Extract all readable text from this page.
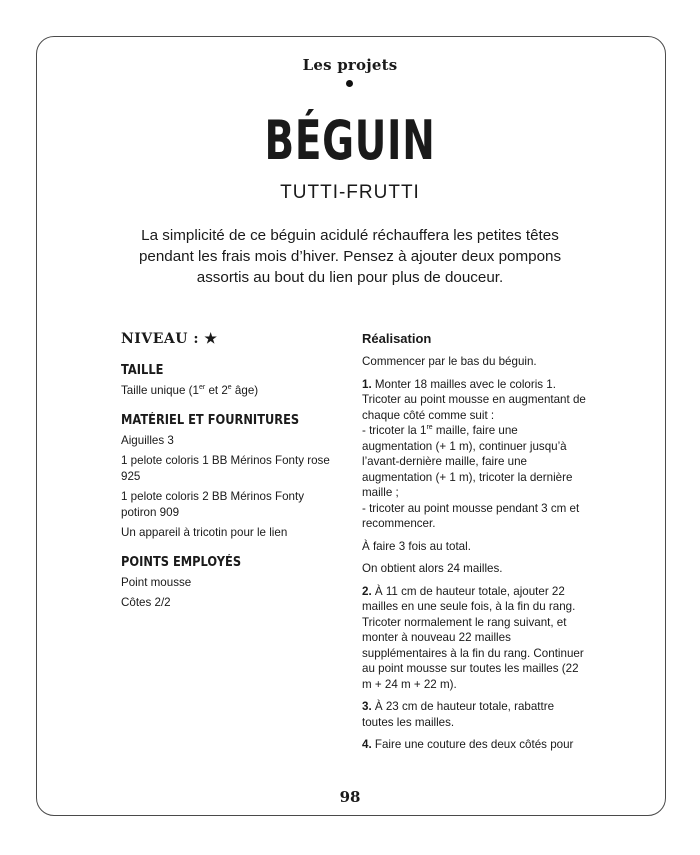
Les projets
BÉGUIN
TUTTI-FRUTTI
La simplicité de ce béguin acidulé réchauffera les petites têtes pendant les frais mois d’hiver. Pensez à ajouter deux pompons assortis au bout du lien pour plus de douceur.
NIVEAU : ★
TAILLE
Taille unique (1er et 2e âge)
MATÉRIEL ET FOURNITURES

Aiguilles 3

1 pelote coloris 1 BB Mérinos Fonty rose 925

1 pelote coloris 2 BB Mérinos Fonty potiron 909

Un appareil à tricotin pour le lien

POINTS EMPLOYÉS

Point mousse

Côtes 2/2

Réalisation

Commencer par le bas du béguin.

1. Monter 18 mailles avec le coloris 1. Tricoter au point mousse en augmentant de chaque côté comme suit :
- tricoter la 1re maille, faire une augmentation (+ 1 m), continuer jusqu’à l’avant-dernière maille, faire une augmentation (+ 1 m), tricoter la dernière maille ;
- tricoter au point mousse pendant 3 cm et recommencer.

À faire 3 fois au total.

On obtient alors 24 mailles.

2. À 11 cm de hauteur totale, ajouter 22 mailles en une seule fois, à la fin du rang. Tricoter normalement le rang suivant, et monter à nouveau 22 mailles supplémentaires à la fin du rang. Continuer au point mousse sur toutes les mailles (22 m + 24 m + 22 m).

3. À 23 cm de hauteur totale, rabattre toutes les mailles.

4. Faire une couture des deux côtés pour

98
